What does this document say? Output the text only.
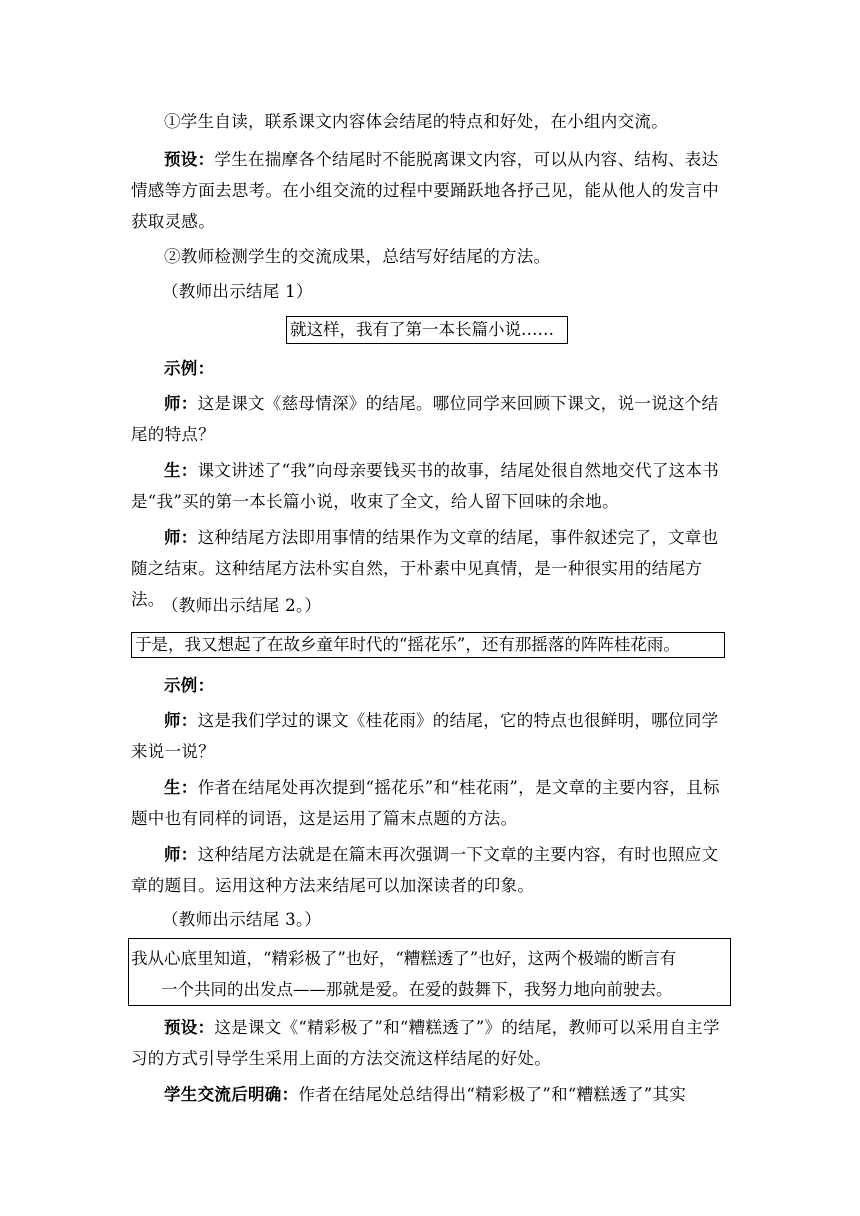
①学生自读，联系课文内容体会结尾的特点和好处，在小组内交流。

预设：学生在揣摩各个结尾时不能脱离课文内容，可以从内容、结构、表达情感等方面去思考。在小组交流的过程中要踊跃地各抒己见，能从他人的发言中获取灵感。

②教师检测学生的交流成果，总结写好结尾的方法。

（教师出示结尾 1）

就这样，我有了第一本长篇小说……

示例：

师：这是课文《慈母情深》的结尾。哪位同学来回顾下课文，说一说这个结尾的特点？

生：课文讲述了“我”向母亲要钱买书的故事，结尾处很自然地交代了这本书是“我”买的第一本长篇小说，收束了全文，给人留下回味的余地。

师：这种结尾方法即用事情的结果作为文章的结尾，事件叙述完了，文章也随之结束。这种结尾方法朴实自然，于朴素中见真情，是一种很实用的结尾方法。

（教师出示结尾 2。）

于是，我又想起了在故乡童年时代的“摇花乐”，还有那摇落的阵阵桂花雨。

示例：

师：这是我们学过的课文《桂花雨》的结尾，它的特点也很鲜明，哪位同学来说一说？

生：作者在结尾处再次提到“摇花乐”和“桂花雨”，是文章的主要内容，且标题中也有同样的词语，这是运用了篇末点题的方法。

师：这种结尾方法就是在篇末再次强调一下文章的主要内容，有时也照应文章的题目。运用这种方法来结尾可以加深读者的印象。

（教师出示结尾 3。）

我从心底里知道，“精彩极了”也好，“糟糕透了”也好，这两个极端的断言有
一个共同的出发点——那就是爱。在爱的鼓舞下，我努力地向前驶去。

预设：这是课文《“精彩极了”和“糟糕透了”》的结尾，教师可以采用自主学习的方式引导学生采用上面的方法交流这样结尾的好处。

学生交流后明确：作者在结尾处总结得出“精彩极了”和“糟糕透了”其实
